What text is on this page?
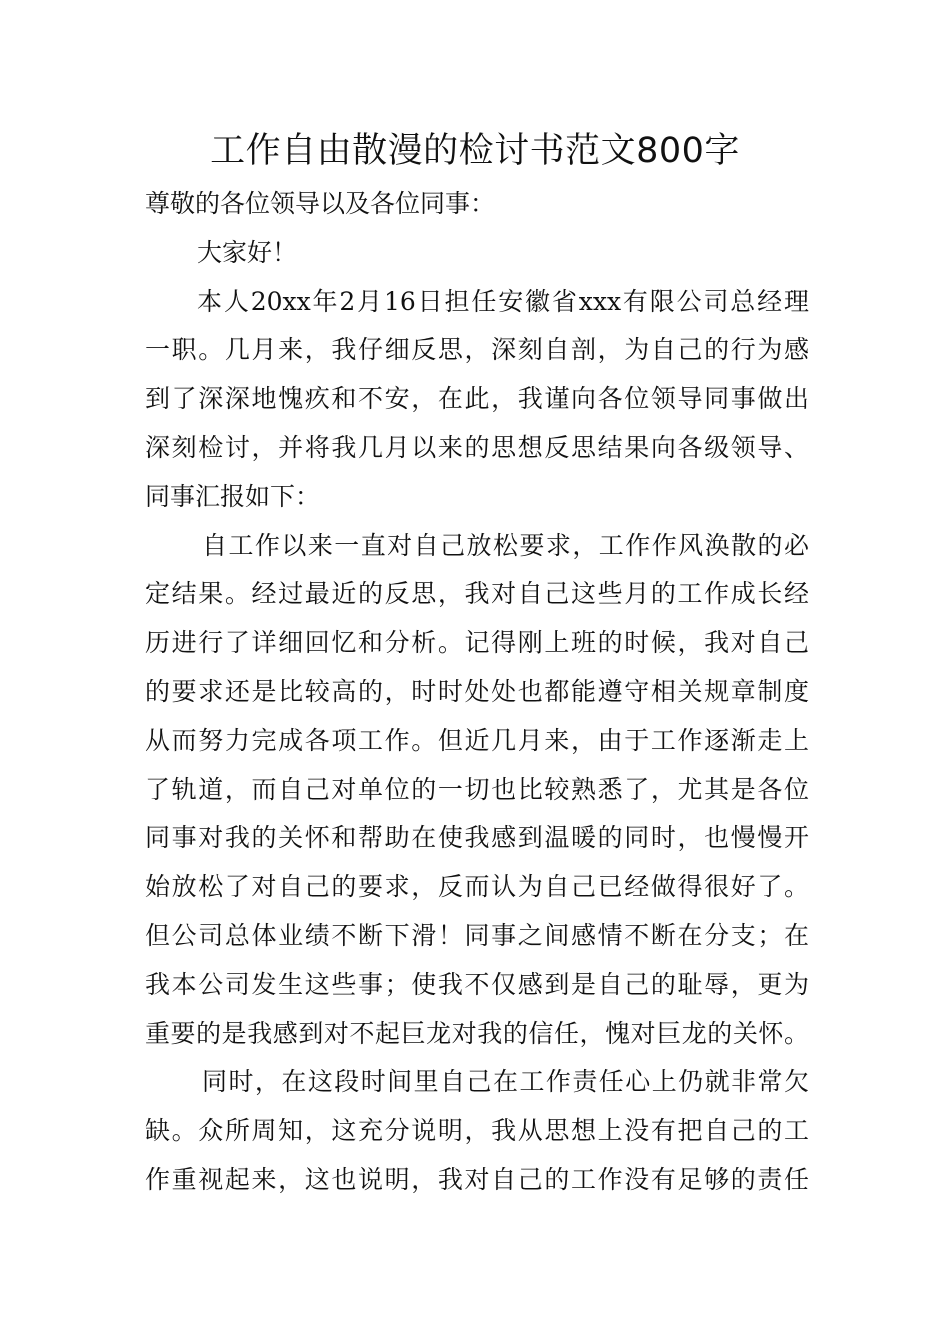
工作自由散漫的检讨书范文800字
尊敬的各位领导以及各位同事：
大家好！
本人20xx年2月16日担任安徽省xxx有限公司总经理
一职。几月来，我仔细反思，深刻自剖，为自己的行为感
到了深深地愧疚和不安，在此，我谨向各位领导同事做出
深刻检讨，并将我几月以来的思想反思结果向各级领导、
同事汇报如下：
自工作以来一直对自己放松要求，工作作风涣散的必
定结果。经过最近的反思，我对自己这些月的工作成长经
历进行了详细回忆和分析。记得刚上班的时候，我对自己
的要求还是比较高的，时时处处也都能遵守相关规章制度
从而努力完成各项工作。但近几月来，由于工作逐渐走上
了轨道，而自己对单位的一切也比较熟悉了，尤其是各位
同事对我的关怀和帮助在使我感到温暖的同时，也慢慢开
始放松了对自己的要求，反而认为自己已经做得很好了。
但公司总体业绩不断下滑！同事之间感情不断在分支；在
我本公司发生这些事；使我不仅感到是自己的耻辱，更为
重要的是我感到对不起巨龙对我的信任，愧对巨龙的关怀。
同时，在这段时间里自己在工作责任心上仍就非常欠
缺。众所周知，这充分说明，我从思想上没有把自己的工
作重视起来，这也说明，我对自己的工作没有足够的责任
